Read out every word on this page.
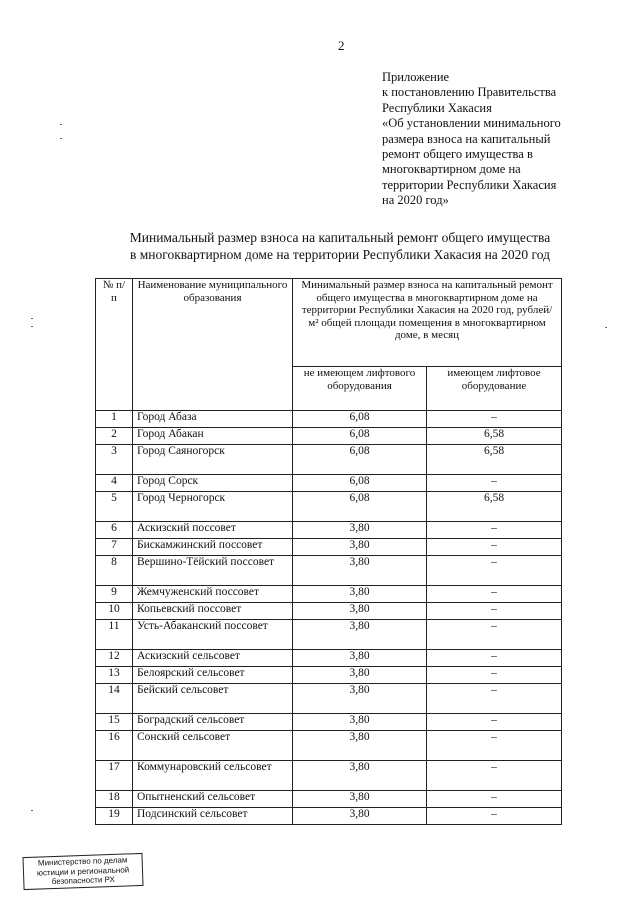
2
Приложение
к постановлению Правительства
Республики Хакасия
«Об установлении минимального
размера взноса на капитальный
ремонт общего имущества в
многоквартирном доме на
территории Республики Хакасия
на 2020 год»
Минимальный размер взноса на капитальный ремонт общего имущества
в многоквартирном доме на территории Республики Хакасия на 2020 год
№ п/п	Наименование муниципального образования	Минимальный размер взноса на капитальный ремонт общего имущества в многоквартирном доме на территории Республики Хакасия на 2020 год, рублей/м² общей площади помещения в многоквартирном доме, в месяц	
		не имеющем лифтового оборудования	имеющем лифтовое оборудование
1	Город Абаза	6,08	–
2	Город Абакан	6,08	6,58
3	Город Саяногорск	6,08	6,58
4	Город Сорск	6,08	–
5	Город Черногорск	6,08	6,58
6	Аскизский поссовет	3,80	–
7	Бискамжинский поссовет	3,80	–
8	Вершино-Тёйский поссовет	3,80	–
9	Жемчуженский поссовет	3,80	–
10	Копьевский поссовет	3,80	–
11	Усть-Абаканский поссовет	3,80	–
12	Аскизский сельсовет	3,80	–
13	Белоярский сельсовет	3,80	–
14	Бейский сельсовет	3,80	–
15	Боградский сельсовет	3,80	–
16	Сонский сельсовет	3,80	–
17	Коммунаровский сельсовет	3,80	–
18	Опытненский сельсовет	3,80	–
19	Подсинский сельсовет	3,80	–
Министерство по делам
юстиции и региональной
безопасности РХ
